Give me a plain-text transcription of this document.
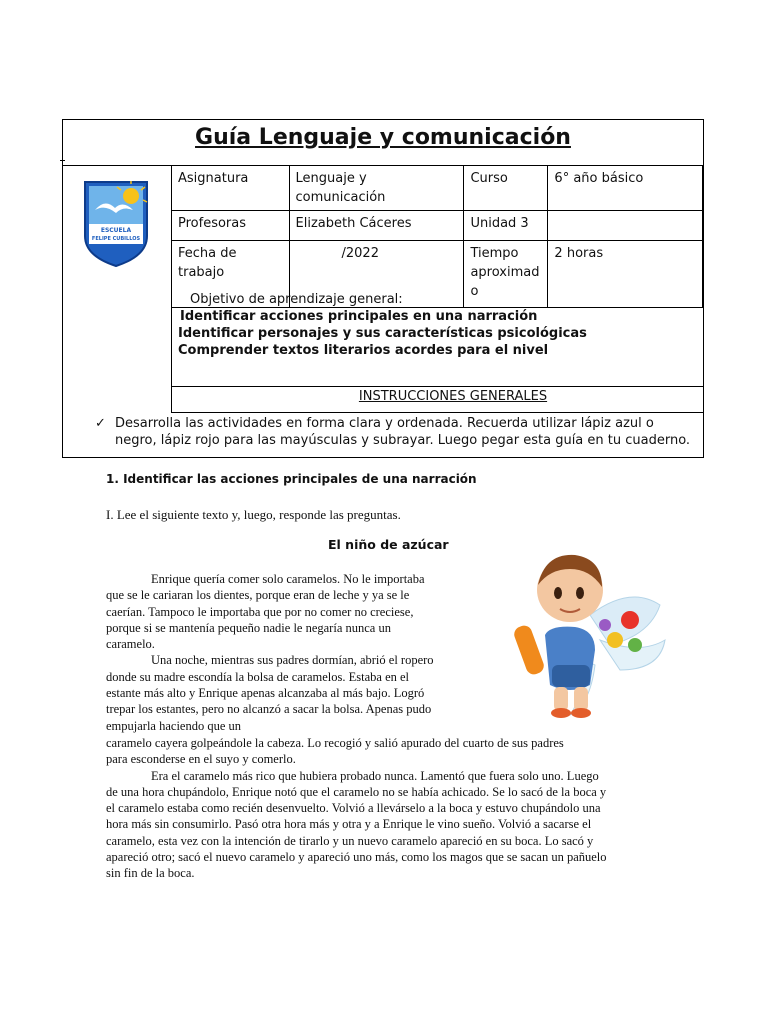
Guía Lenguaje y comunicación
ESCUELA
FELIPE CUBILLOS
Asignatura	Lenguaje y comunicación	Curso	6° año básico
Profesoras	Elizabeth Cáceres	Unidad 3	
Fecha de trabajo	/2022	Tiempo aproximad o	2 horas
Objetivo de aprendizaje general:
Identificar acciones principales en una narración
Identificar personajes y sus características psicológicas
Comprender textos literarios acordes para el nivel
INSTRUCCIONES GENERALES
✓ Desarrolla las actividades en forma clara y ordenada. Recuerda utilizar lápiz azul o negro, lápiz rojo para las mayúsculas y subrayar. Luego pegar esta guía en tu cuaderno.
1. Identificar las acciones principales de una narración
I. Lee el siguiente texto y, luego, responde las preguntas.
El niño de azúcar

Enrique quería comer solo caramelos. No le importaba

que se le cariaran los dientes, porque eran de leche y ya se le

caerían. Tampoco le importaba que por no comer no creciese,

porque si se mantenía pequeño nadie le negaría nunca un

caramelo.

Una noche, mientras sus padres dormían, abrió el ropero

donde su madre escondía la bolsa de caramelos. Estaba en el

estante más alto y Enrique apenas alcanzaba al más bajo. Logró

trepar los estantes, pero no alcanzó a sacar la bolsa. Apenas pudo

empujarla haciendo que un

caramelo cayera golpeándole la cabeza. Lo recogió y salió apurado del cuarto de sus padres

para esconderse en el suyo y comerlo.

Era el caramelo más rico que hubiera probado nunca. Lamentó que fuera solo uno. Luego

de una hora chupándolo, Enrique notó que el caramelo no se había achicado. Se lo sacó de la boca y

el caramelo estaba como recién desenvuelto. Volvió a llevárselo a la boca y estuvo chupándolo una

hora más sin consumirlo. Pasó otra hora más y otra y a Enrique le vino sueño. Volvió a sacarse el

caramelo, esta vez con la intención de tirarlo y un nuevo caramelo apareció en su boca. Lo sacó y

apareció otro; sacó el nuevo caramelo y apareció uno más, como los magos que se sacan un pañuelo

sin fin de la boca.
